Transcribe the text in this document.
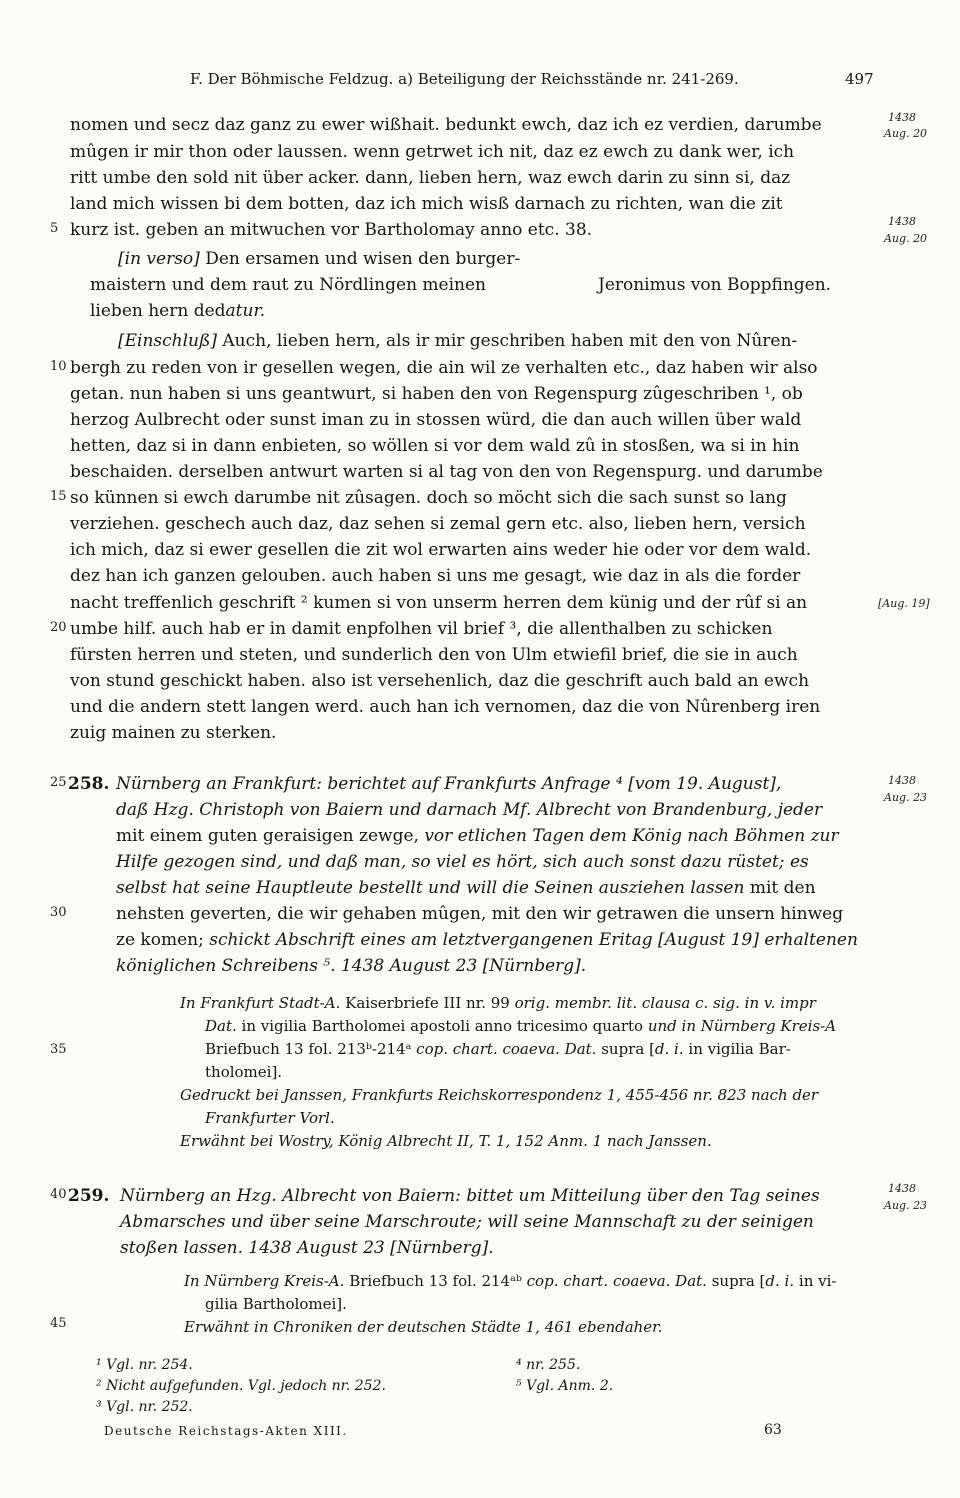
F. Der Böhmische Feldzug. a) Beteiligung der Reichsstände nr. 241-269.	497
nomen und secz daz ganz zu ewer wißhait. bedunkt ewch, daz ich ez verdien, darumbe
mûgen ir mir thon oder laussen. wenn getrwet ich nit, daz ez ewch zu dank wer, ich
ritt umbe den sold nit über acker. dann, lieben hern, waz ewch darin zu sinn si, daz
land mich wissen bi dem botten, daz ich mich wisß darnach zu richten, wan die zit
kurz ist. geben an mitwuchen vor Bartholomay anno etc. 38.
[in verso] Den ersamen und wisen den burger-
maistern und dem raut zu Nördlingen meinen
lieben hern dedatur.
Jeronimus von Boppfingen.
[Einschluß] Auch, lieben hern, als ir mir geschriben haben mit den von Nûren-
bergh zu reden von ir gesellen wegen, die ain wil ze verhalten etc., daz haben wir also
getan. nun haben si uns geantwurt, si haben den von Regenspurg zûgeschriben ¹, ob
herzog Aulbrecht oder sunst iman zu in stossen würd, die dan auch willen über wald
hetten, daz si in dann enbieten, so wöllen si vor dem wald zû in stosßen, wa si in hin
beschaiden. derselben antwurt warten si al tag von den von Regenspurg. und darumbe
so künnen si ewch darumbe nit zûsagen. doch so möcht sich die sach sunst so lang
verziehen. geschech auch daz, daz sehen si zemal gern etc. also, lieben hern, versich
ich mich, daz si ewer gesellen die zit wol erwarten ains weder hie oder vor dem wald.
dez han ich ganzen gelouben. auch haben si uns me gesagt, wie daz in als die forder
nacht treffenlich geschrift ² kumen si von unserm herren dem künig und der rûf si an
umbe hilf. auch hab er in damit enpfolhen vil brief ³, die allenthalben zu schicken
fürsten herren und steten, und sunderlich den von Ulm etwiefil brief, die sie in auch
von stund geschickt haben. also ist versehenlich, daz die geschrift auch bald an ewch
und die andern stett langen werd. auch han ich vernomen, daz die von Nûrenberg iren
zuig mainen zu sterken.
258. Nürnberg an Frankfurt: berichtet auf Frankfurts Anfrage ⁴ [vom 19. August],
daß Hzg. Christoph von Baiern und darnach Mf. Albrecht von Brandenburg, jeder
mit einem guten geraisigen zewge, vor etlichen Tagen dem König nach Böhmen zur
Hilfe gezogen sind, und daß man, so viel es hört, sich auch sonst dazu rüstet; es
selbst hat seine Hauptleute bestellt und will die Seinen ausziehen lassen mit den
nehsten geverten, die wir gehaben mûgen, mit den wir getrawen die unsern hinweg
ze komen; schickt Abschrift eines am letztvergangenen Eritag [August 19] erhaltenen
königlichen Schreibens ⁵. 1438 August 23 [Nürnberg].
In Frankfurt Stadt-A. Kaiserbriefe III nr. 99 orig. membr. lit. clausa c. sig. in v. impr
Dat. in vigilia Bartholomei apostoli anno tricesimo quarto und in Nürnberg Kreis-A
Briefbuch 13 fol. 213ᵇ-214ᵃ cop. chart. coaeva. Dat. supra [d. i. in vigilia Bar-
tholomei].
Gedruckt bei Janssen, Frankfurts Reichskorrespondenz 1, 455-456 nr. 823 nach der
Frankfurter Vorl.
Erwähnt bei Wostry, König Albrecht II, T. 1, 152 Anm. 1 nach Janssen.
259. Nürnberg an Hzg. Albrecht von Baiern: bittet um Mitteilung über den Tag seines
Abmarsches und über seine Marschroute; will seine Mannschaft zu der seinigen
stoßen lassen. 1438 August 23 [Nürnberg].
In Nürnberg Kreis-A. Briefbuch 13 fol. 214ᵃᵇ cop. chart. coaeva. Dat. supra [d. i. in vi-
gilia Bartholomei].
Erwähnt in Chroniken der deutschen Städte 1, 461 ebendaher.
¹ Vgl. nr. 254.
² Nicht aufgefunden. Vgl. jedoch nr. 252.
³ Vgl. nr. 252.
⁴ nr. 255.
⁵ Vgl. Anm. 2.
Deutsche Reichstags-Akten XIII.	63
1438
Aug. 20
1438
Aug. 20
[Aug. 19]
1438
Aug. 23
1438
Aug. 23
5
10
15
20
25
30
35
40
45
